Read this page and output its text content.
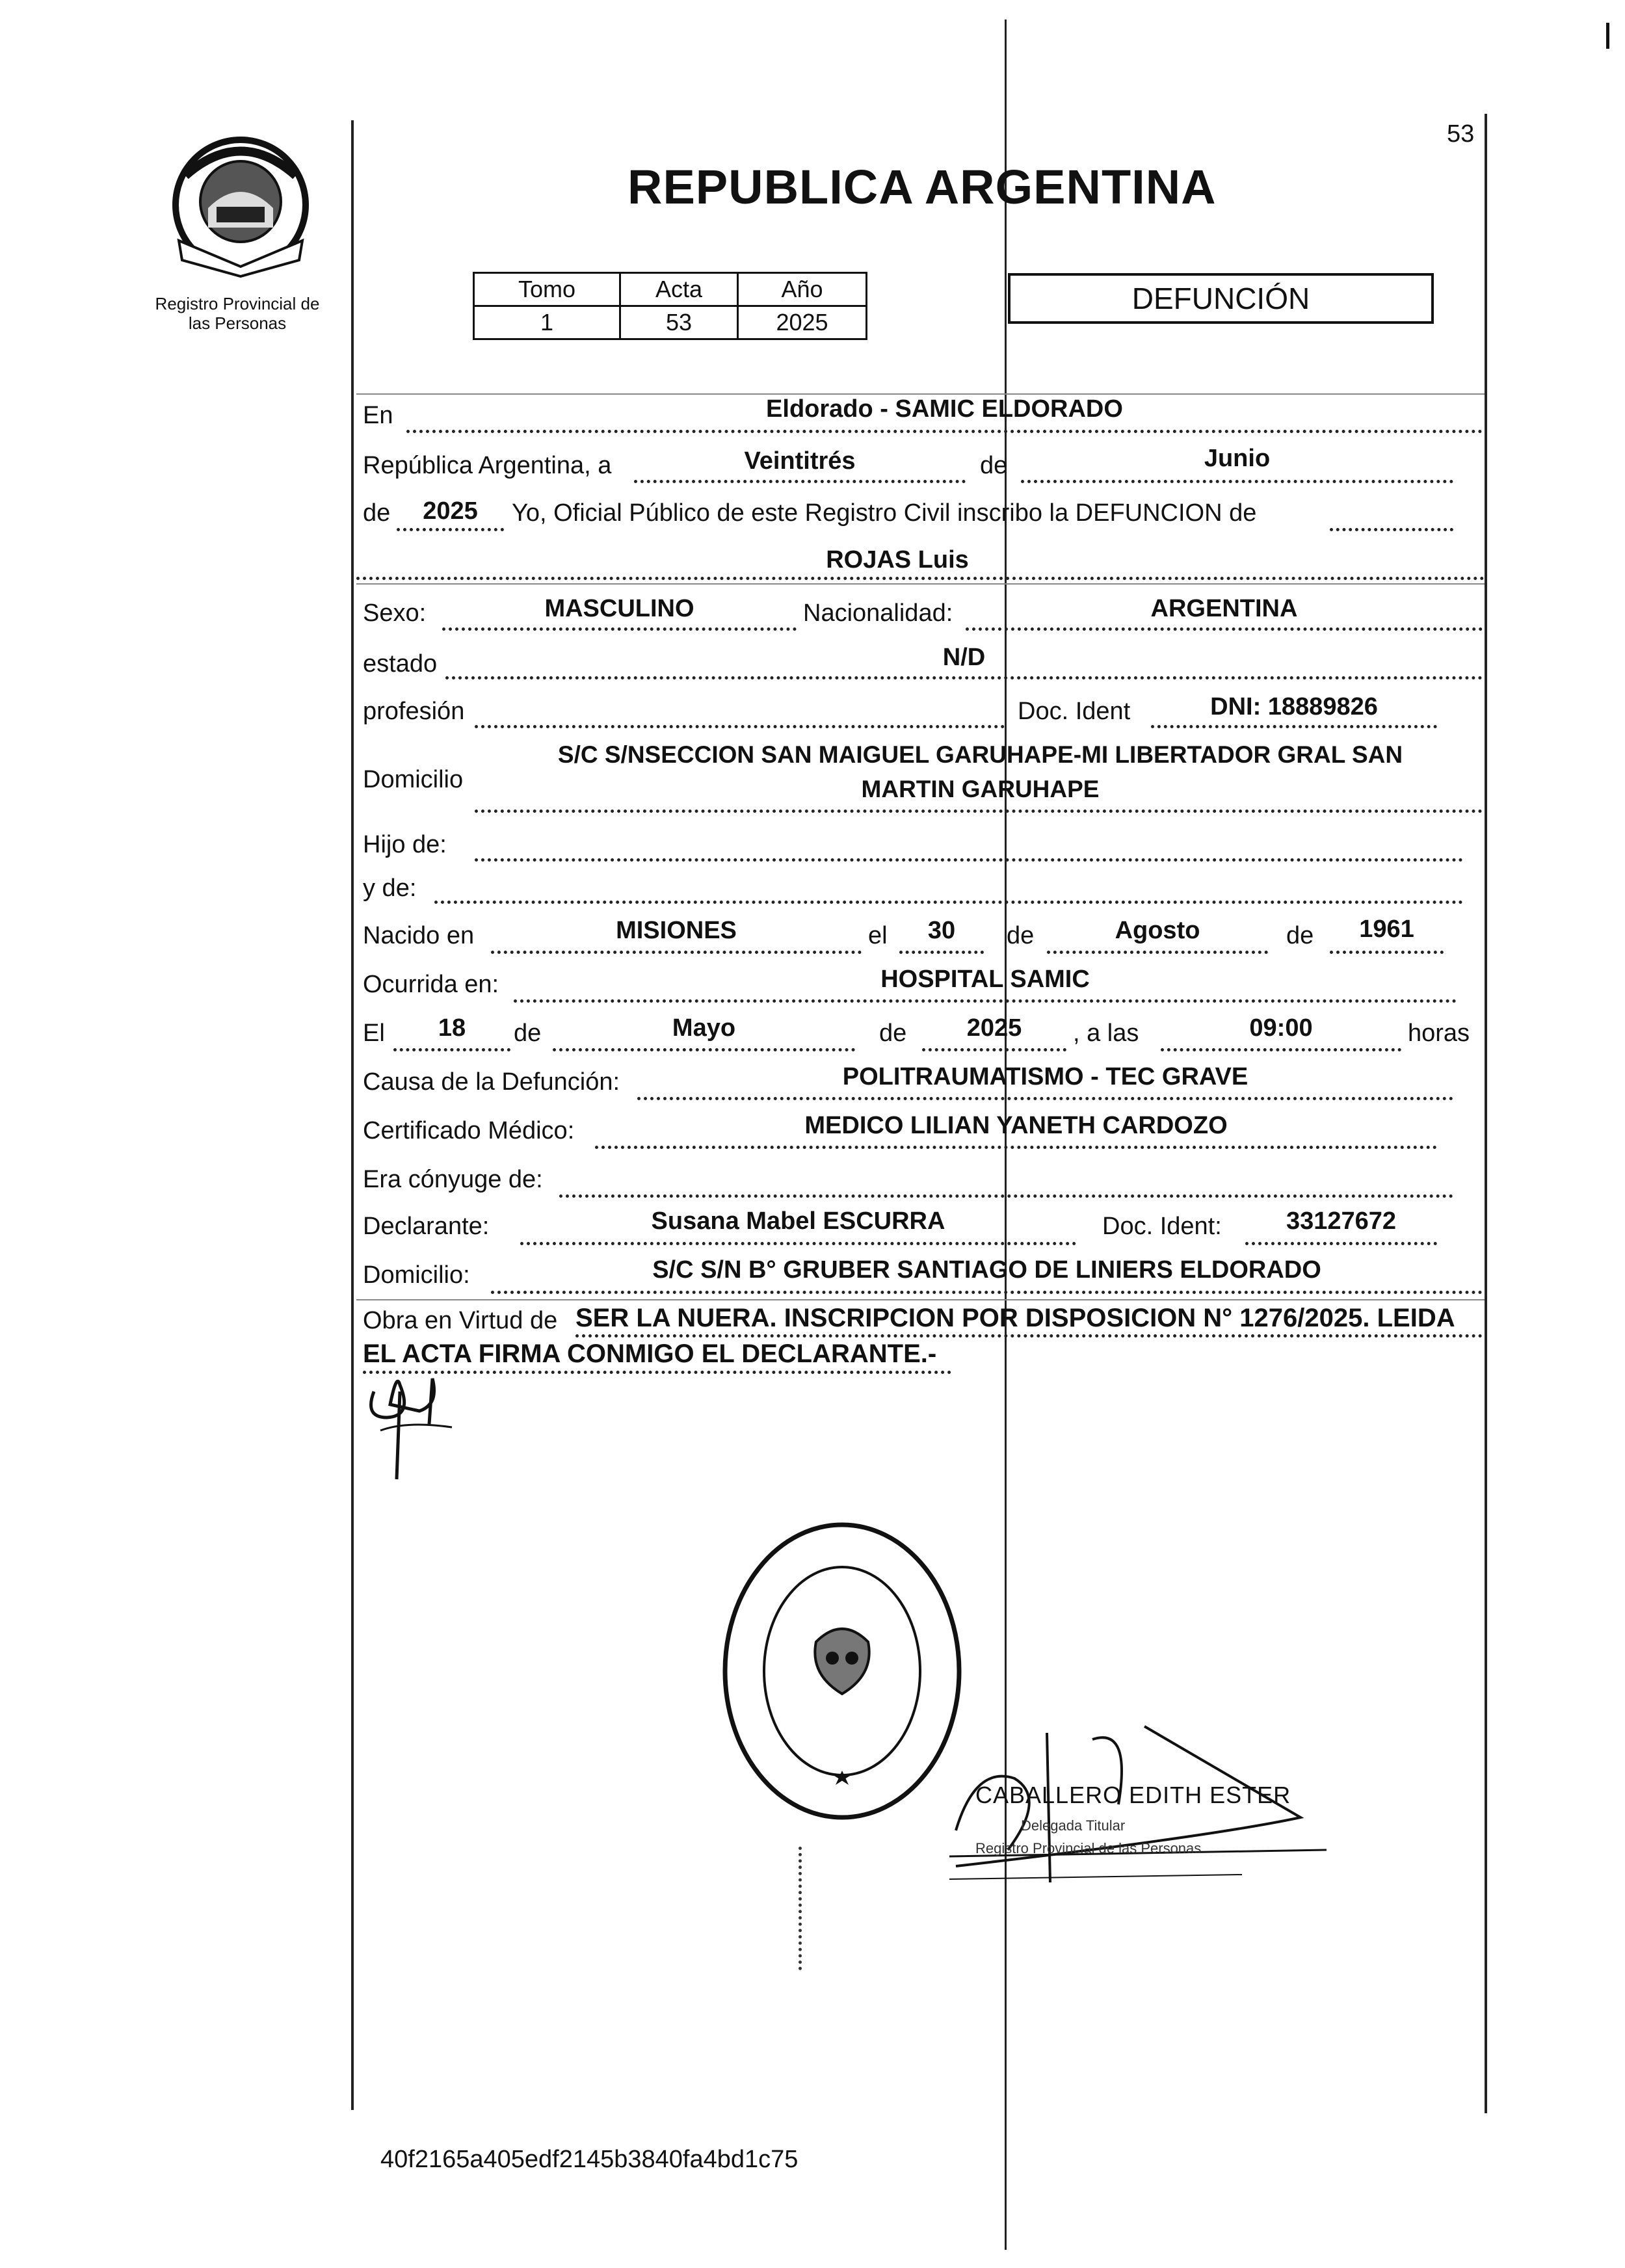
53
Registro Provincial de
las Personas
REPUBLICA ARGENTINA
Tomo	Acta	Año
1	53	2025
DEFUNCIÓN
En	Eldorado - SAMIC ELDORADO
República Argentina, a	Veintitrés	de	Junio
de	2025	Yo, Oficial Público de este Registro Civil inscribo la DEFUNCION de
ROJAS Luis
Sexo:	MASCULINO	Nacionalidad:	ARGENTINA
estado	N/D
profesión	Doc. Ident	DNI: 18889826
Domicilio
S/C S/NSECCION SAN MAIGUEL GARUHAPE-MI LIBERTADOR GRAL SAN
MARTIN GARUHAPE
Hijo de:
y de:
Nacido en	MISIONES	el	30	de	Agosto	de	1961
Ocurrida en:	HOSPITAL SAMIC
El	18	de	Mayo	de	2025	, a las	09:00	horas
Causa de la Defunción:	POLITRAUMATISMO - TEC GRAVE
Certificado Médico:	MEDICO LILIAN YANETH CARDOZO
Era cónyuge de:
Declarante:	Susana Mabel ESCURRA	Doc. Ident:	33127672
Domicilio:	S/C S/N B° GRUBER SANTIAGO DE LINIERS ELDORADO
Obra en Virtud de SER LA NUERA. INSCRIPCION POR DISPOSICION N° 1276/2025. LEIDA
EL ACTA FIRMA CONMIGO EL DECLARANTE.-
CABALLERO EDITH ESTER
Delegada Titular
Registro Provincial de las Personas
40f2165a405edf2145b3840fa4bd1c75
